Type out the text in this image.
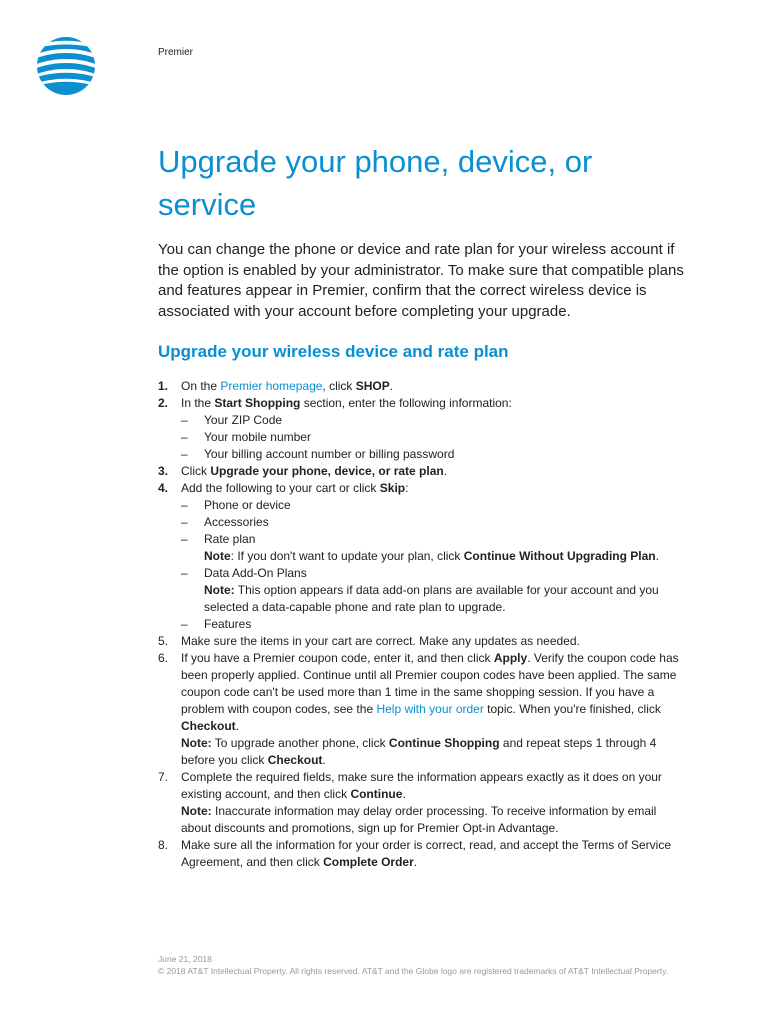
Premier
Upgrade your phone, device, or service

You can change the phone or device and rate plan for your wireless account if the option is enabled by your administrator. To make sure that compatible plans and features appear in Premier, confirm that the correct wireless device is associated with your account before completing your upgrade.

Upgrade your wireless device and rate plan
1. On the Premier homepage, click SHOP.
2. In the Start Shopping section, enter the following information:
– Your ZIP Code
– Your mobile number
– Your billing account number or billing password
3. Click Upgrade your phone, device, or rate plan.
4. Add the following to your cart or click Skip:
– Phone or device
– Accessories
– Rate plan
Note: If you don't want to update your plan, click Continue Without Upgrading Plan.
– Data Add-On Plans
Note: This option appears if data add-on plans are available for your account and you selected a data-capable phone and rate plan to upgrade.
– Features
5. Make sure the items in your cart are correct. Make any updates as needed.
6. If you have a Premier coupon code, enter it, and then click Apply. Verify the coupon code has been properly applied. Continue until all Premier coupon codes have been applied. The same coupon code can't be used more than 1 time in the same shopping session. If you have a problem with coupon codes, see the Help with your order topic. When you're finished, click Checkout.
Note: To upgrade another phone, click Continue Shopping and repeat steps 1 through 4 before you click Checkout.
7. Complete the required fields, make sure the information appears exactly as it does on your existing account, and then click Continue.
Note: Inaccurate information may delay order processing. To receive information by email about discounts and promotions, sign up for Premier Opt-in Advantage.
8. Make sure all the information for your order is correct, read, and accept the Terms of Service Agreement, and then click Complete Order.
June 21, 2018
© 2018 AT&T Intellectual Property. All rights reserved. AT&T and the Globe logo are registered trademarks of AT&T Intellectual Property.
